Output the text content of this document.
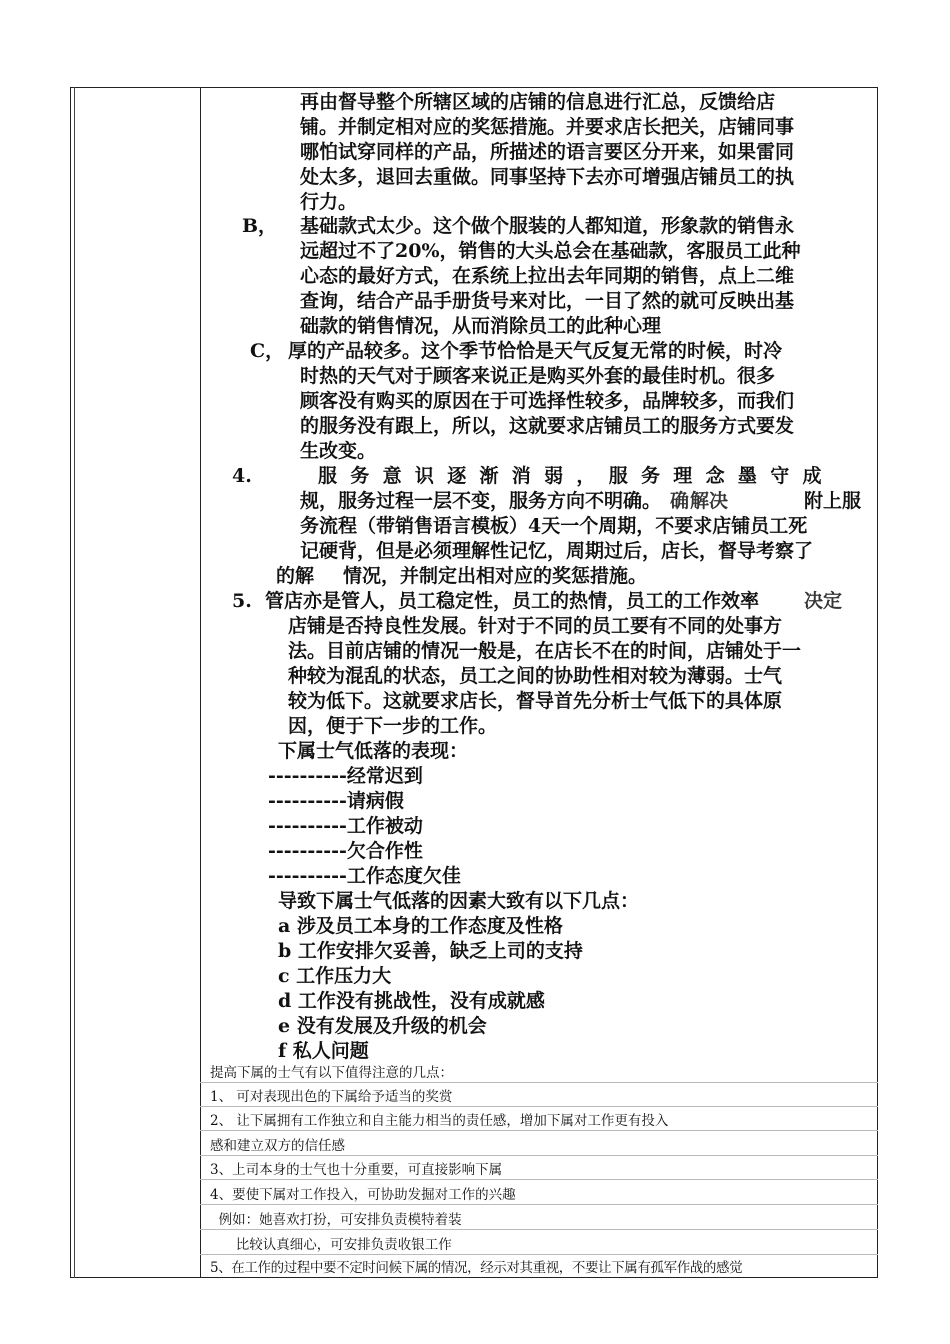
再由督导整个所辖区域的店铺的信息进行汇总，反馈给店
铺。并制定相对应的奖惩措施。并要求店长把关，店铺同事
哪怕试穿同样的产品，所描述的语言要区分开来，如果雷同
处太多，退回去重做。同事坚持下去亦可增强店铺员工的执
行力。
B， 基础款式太少。这个做个服装的人都知道，形象款的销售永
远超过不了20%，销售的大头总会在基础款，客服员工此种
心态的最好方式，在系统上拉出去年同期的销售，点上二维
查询，结合产品手册货号来对比，一目了然的就可反映出基
础款的销售情况，从而消除员工的此种心理
C， 厚的产品较多。这个季节恰恰是天气反复无常的时候，时冷
时热的天气对于顾客来说正是购买外套的最佳时机。很多
顾客没有购买的原因在于可选择性较多，品牌较多，而我们
的服务没有跟上，所以，这就要求店铺员工的服务方式要发
生改变。
4.	服务意识逐渐消弱，服务理念墨守成
规，服务过程一层不变，服务方向不明确。 确 解决	附上服
务流程（带销售语言模板）4天一个周期，不要求店铺员工死
记硬背，但是必须理解性记忆，周期过后，店长，督导考察了
的解 情况，并制定出相对应的奖惩措施。
5. 管店亦是管人，员工稳定性，员工的热情，员工的工作效率 决定
店铺是否持良性发展。针对于不同的员工要有不同的处事方
法。目前店铺的情况一般是，在店长不在的时间，店铺处于一
种较为混乱的状态，员工之间的协助性相对较为薄弱。士气
较为低下。这就要求店长，督导首先分析士气低下的具体原
因，便于下一步的工作。
下属士气低落的表现：
----------经常迟到
----------请病假
----------工作被动
----------欠合作性
----------工作态度欠佳
导致下属士气低落的因素大致有以下几点：
a 涉及员工本身的工作态度及性格
b 工作安排欠妥善，缺乏上司的支持
c 工作压力大
d 工作没有挑战性，没有成就感
e 没有发展及升级的机会
f 私人问题
提高下属的士气有以下值得注意的几点：
1、 可对表现出色的下属给予适当的奖赏
2、 让下属拥有工作独立和自主能力相当的责任感，增加下属对工作更有投入
感和建立双方的信任感
3、上司本身的士气也十分重要，可直接影响下属
4、要使下属对工作投入，可协助发掘对工作的兴趣
例如：她喜欢打扮，可安排负责模特着装
比较认真细心，可安排负责收银工作
5、在工作的过程中要不定时问候下属的情况，经示对其重视，不要让下属有孤军作战的感觉
